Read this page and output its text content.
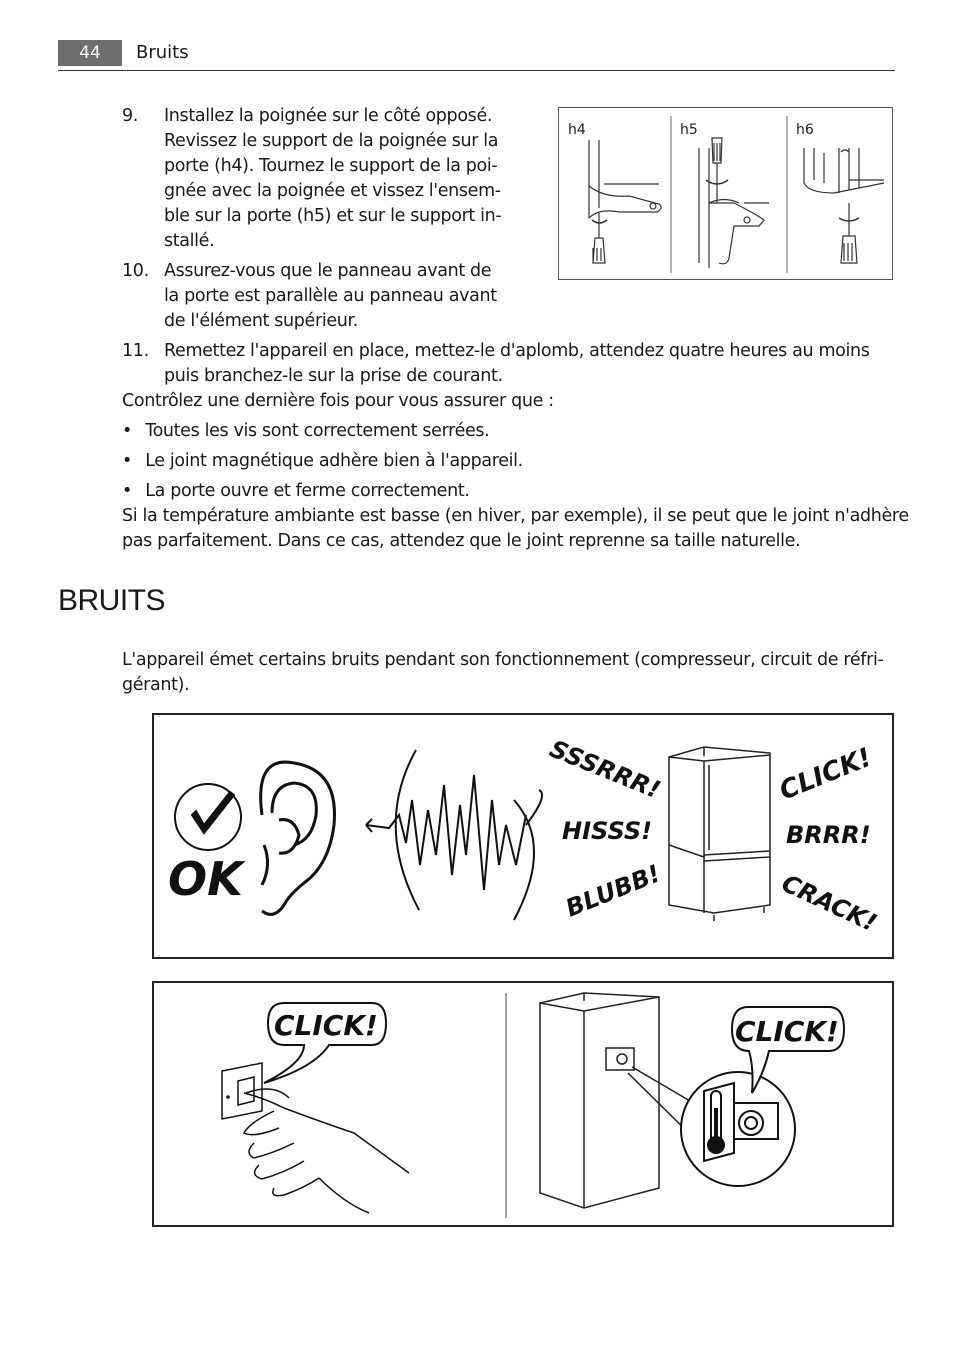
44	Bruits
9. Installez la poignée sur le côté opposé.
Revissez le support de la poignée sur la
porte (h4). Tournez le support de la poi-
gnée avec la poignée et vissez l'ensem-
ble sur la porte (h5) et sur le support in-
stallé.
10. Assurez-vous que le panneau avant de
la porte est parallèle au panneau avant
de l'élément supérieur.
11. Remettez l'appareil en place, mettez-le d'aplomb, attendez quatre heures au moins
puis branchez-le sur la prise de courant.
Contrôlez une dernière fois pour vous assurer que :
• Toutes les vis sont correctement serrées.
• Le joint magnétique adhère bien à l'appareil.
• La porte ouvre et ferme correctement.
Si la température ambiante est basse (en hiver, par exemple), il se peut que le joint n'adhère
pas parfaitement. Dans ce cas, attendez que le joint reprenne sa taille naturelle.
h4	h5	h6
BRUITS
L'appareil émet certains bruits pendant son fonctionnement (compresseur, circuit de réfri-
gérant).
OK
SSSRRR!
HISSS!
BLUBB!
CLICK!
BRRR!
CRACK!
CLICK!	CLICK!
